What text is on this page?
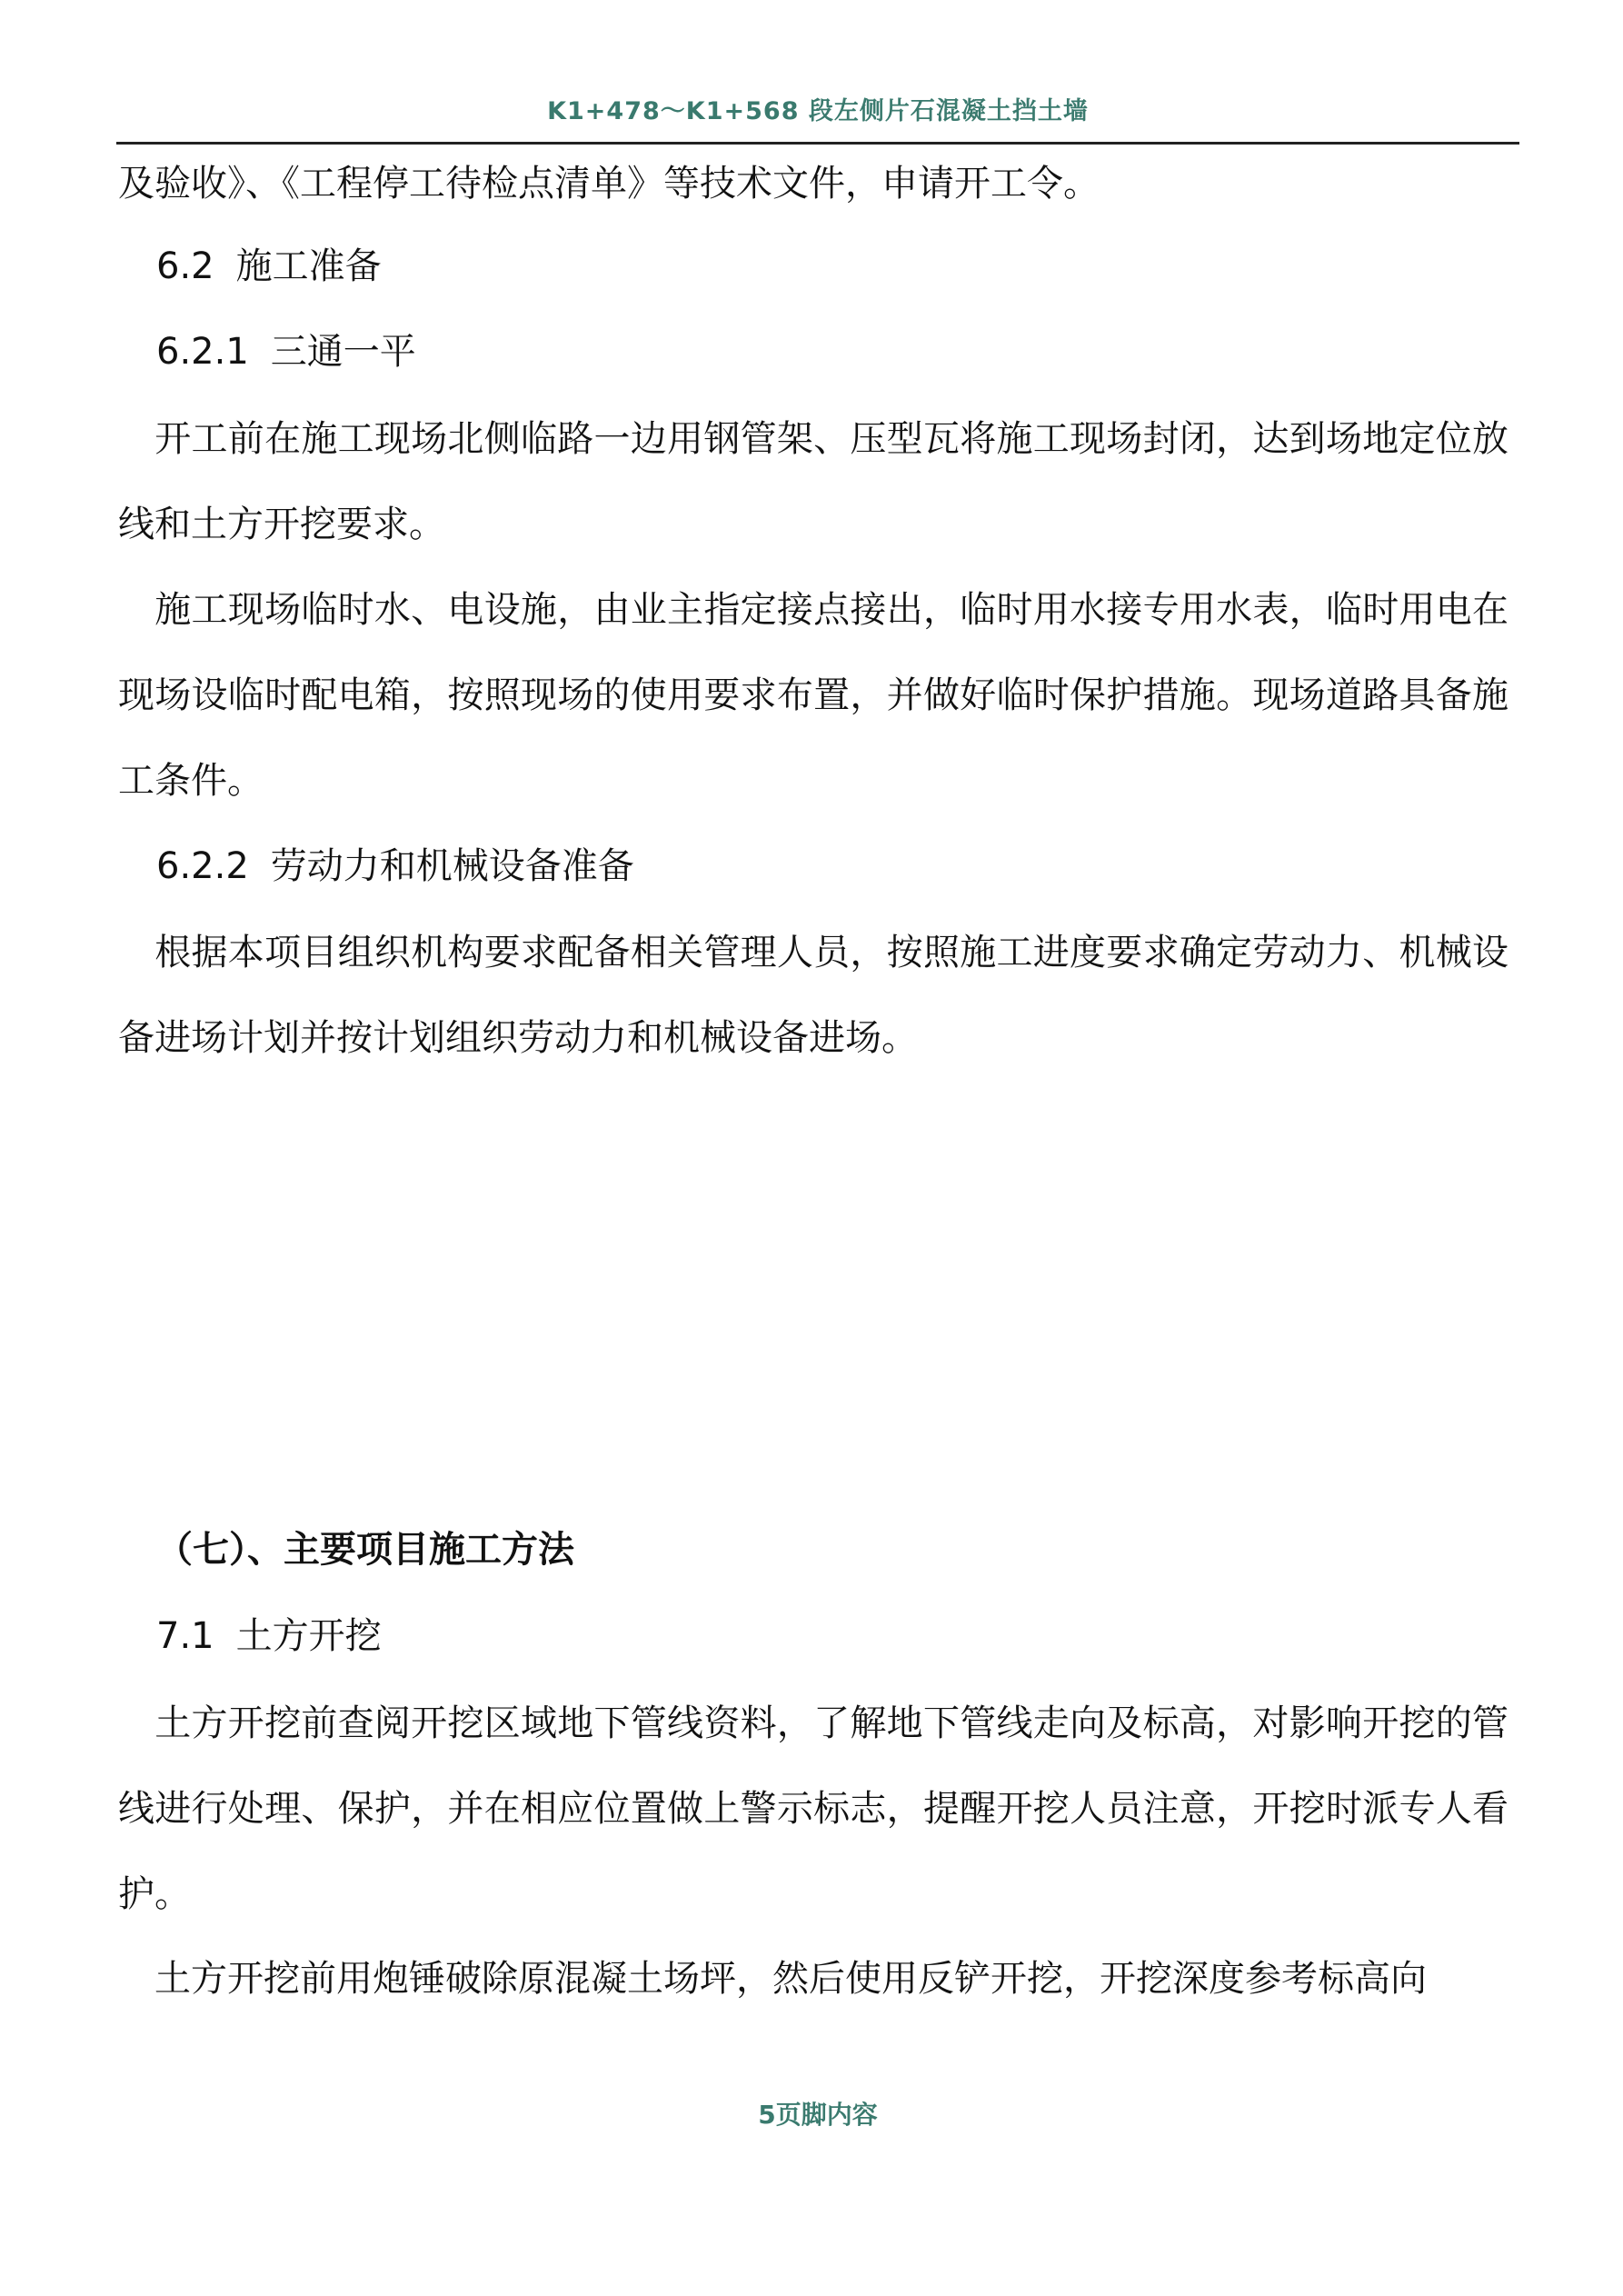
K1+478～K1+568 段左侧片石混凝土挡土墙

及验收》、《工程停工待检点清单》等技术文件，申请开工令。

6.2 施工准备

6.2.1 三通一平

　开工前在施工现场北侧临路一边用钢管架、压型瓦将施工现场封闭，达到场地定位放线和土方开挖要求。

　施工现场临时水、电设施，由业主指定接点接出，临时用水接专用水表，临时用电在现场设临时配电箱，按照现场的使用要求布置，并做好临时保护措施。现场道路具备施工条件。

6.2.2 劳动力和机械设备准备

　根据本项目组织机构要求配备相关管理人员，按照施工进度要求确定劳动力、机械设备进场计划并按计划组织劳动力和机械设备进场。

（七）、主要项目施工方法

7.1 土方开挖

　土方开挖前查阅开挖区域地下管线资料，了解地下管线走向及标高，对影响开挖的管线进行处理、保护，并在相应位置做上警示标志，提醒开挖人员注意，开挖时派专人看护。

　土方开挖前用炮锤破除原混凝土场坪，然后使用反铲开挖，开挖深度参考标高向

5页脚内容
